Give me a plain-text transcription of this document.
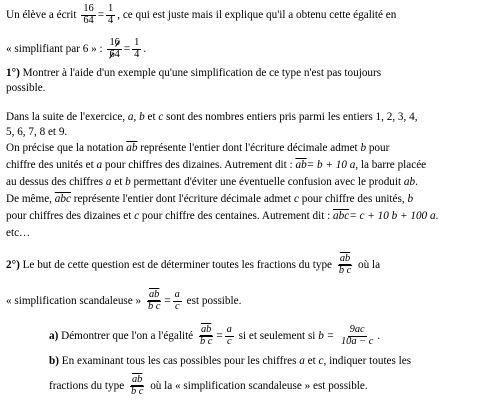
Un élève a écrit $\frac{16}{64} = \frac{1}{4}$ , ce qui est juste mais il explique qu'il a obtenu cette égalité en
« simplifiant par 6 » : $\frac{16}{64} = \frac{1}{4}$ .
1°) Montrer à l'aide d'un exemple qu'une simplification de ce type n'est pas toujours
possible.
Dans la suite de l'exercice, a, b et c sont des nombres entiers pris parmi les entiers 1, 2, 3, 4,
5, 6, 7, 8 et 9.
On précise que la notation $\overline{ab}$ représente l'entier dont l'écriture décimale admet b pour
chiffre des unités et a pour chiffres des dizaines. Autrement dit : $\overline{ab}= b + 10$ a, la barre placée
au dessus des chiffres a et b permettant d'éviter une éventuelle confusion avec le produit ab.
De même, $\overline{abc}$ représente l'entier dont l'écriture décimale admet c pour chiffre des unités, b
pour chiffres des dizaines et c pour chiffre des centaines. Autrement dit : $\overline{abc}= c + 10$ b + 100 a.
etc…
2°) Le but de cette question est de déterminer toutes les fractions du type $\frac{\overline{ab}}{\text{b c}}$ où la
« simplification scandaleuse » $\frac{\overline{ab}}{\text{b c}} = \frac{a}{c}$ est possible.
a) Démontrer que l'on a l'égalité $\frac{\overline{ab}}{\text{b c}} = \frac{a}{c}$ si et seulement si $b = \frac{9ac}{10a - c}$ .
b) En examinant tous les cas possibles pour les chiffres a et c, indiquer toutes les
fractions du type $\frac{\overline{ab}}{\text{b c}}$ où la « simplification scandaleuse » est possible.
